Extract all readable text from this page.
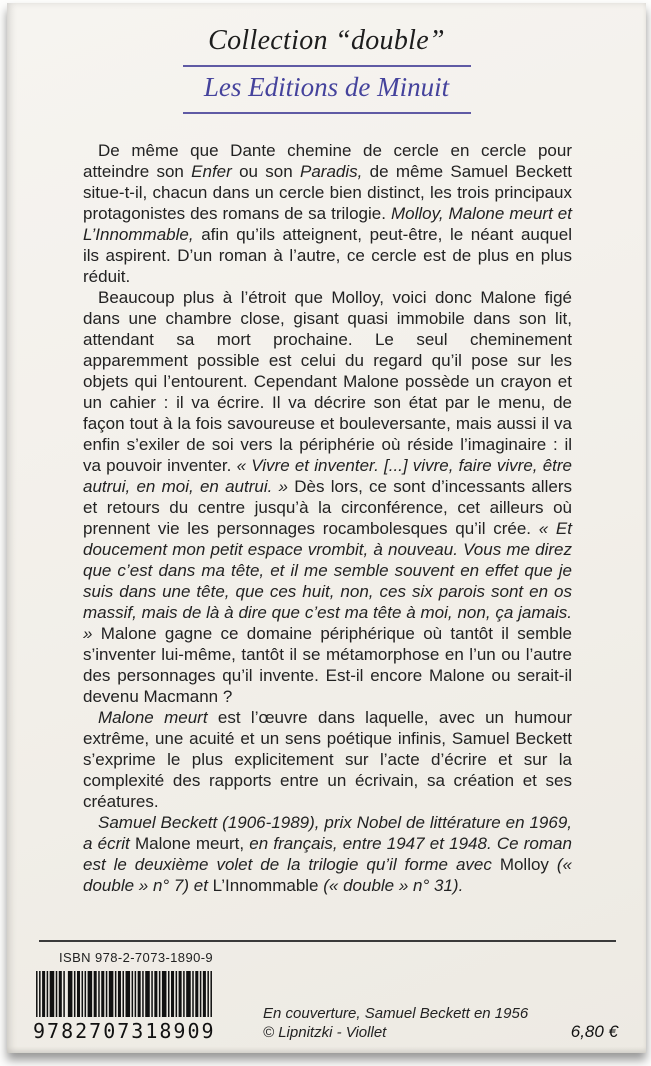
Collection “double”
Les Editions de Minuit

De même que Dante chemine de cercle en cercle pour atteindre son Enfer ou son Paradis, de même Samuel Beckett situe-t-il, chacun dans un cercle bien distinct, les trois principaux protagonistes des romans de sa trilogie. Molloy, Malone meurt et L’Innommable, afin qu’ils atteignent, peut-être, le néant auquel ils aspirent. D’un roman à l’autre, ce cercle est de plus en plus réduit.

Beaucoup plus à l’étroit que Molloy, voici donc Malone figé dans une chambre close, gisant quasi immobile dans son lit, attendant sa mort prochaine. Le seul cheminement apparemment possible est celui du regard qu’il pose sur les objets qui l’entourent. Cependant Malone possède un crayon et un cahier : il va écrire. Il va décrire son état par le menu, de façon tout à la fois savoureuse et bouleversante, mais aussi il va enfin s’exiler de soi vers la périphérie où réside l’imaginaire : il va pouvoir inventer. « Vivre et inventer. [...] vivre, faire vivre, être autrui, en moi, en autrui. » Dès lors, ce sont d’incessants allers et retours du centre jusqu’à la circonférence, cet ailleurs où prennent vie les personnages rocambolesques qu’il crée. « Et doucement mon petit espace vrombit, à nouveau. Vous me direz que c’est dans ma tête, et il me semble souvent en effet que je suis dans une tête, que ces huit, non, ces six parois sont en os massif, mais de là à dire que c’est ma tête à moi, non, ça jamais. » Malone gagne ce domaine périphérique où tantôt il semble s’inventer lui-même, tantôt il se métamorphose en l’un ou l’autre des personnages qu’il invente. Est-il encore Malone ou serait-il devenu Macmann ?

Malone meurt est l’œuvre dans laquelle, avec un humour extrême, une acuité et un sens poétique infinis, Samuel Beckett s’exprime le plus explicitement sur l’acte d’écrire et sur la complexité des rapports entre un écrivain, sa création et ses créatures.

Samuel Beckett (1906-1989), prix Nobel de littérature en 1969, a écrit Malone meurt, en français, entre 1947 et 1948. Ce roman est le deuxième volet de la trilogie qu’il forme avec Molloy (« double » n° 7) et L’Innommable (« double » n° 31).

ISBN 978-2-7073-1890-9
9782707318909
En couverture, Samuel Beckett en 1956
© Lipnitzki - Viollet	6,80 €
